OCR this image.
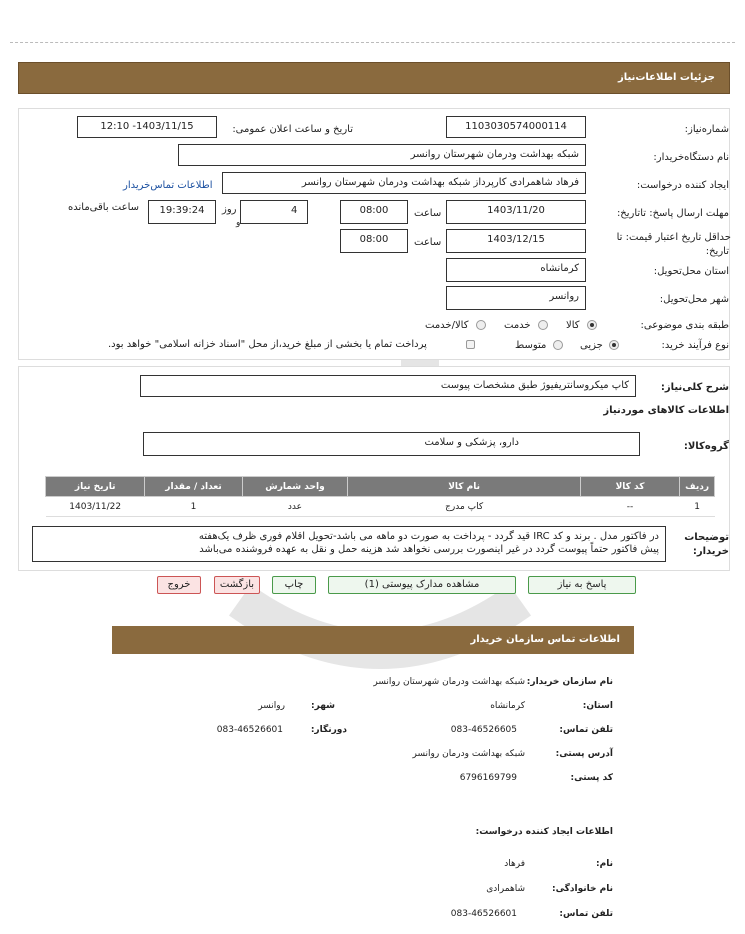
جزئیات اطلاعات‌نیاز
شماره‌نیاز:
1103030574000114
تاریخ و ساعت اعلان عمومی:
1403/11/15- 12:10
نام دستگاه‌خریدار:
شبکه بهداشت ودرمان شهرستان روانسر
ایجاد کننده درخواست:
فرهاد شاهمرادی کارپرداز شبکه بهداشت ودرمان شهرستان روانسر
اطلاعات تماس‌خریدار
مهلت ارسال پاسخ: تاتاریخ:
1403/11/20
ساعت
08:00
4
روز
و
19:39:24
ساعت باقی‌مانده
حداقل تاریخ اعتبار قیمت: تا
تاریخ:
1403/12/15
ساعت
08:00
استان محل‌تحویل:
کرمانشاه
شهر محل‌تحویل:
روانسر
طبقه بندی موضوعی:
کالا
خدمت
کالا/خدمت
نوع فرآیند خرید:
جزیی
متوسط
پرداخت تمام یا بخشی از مبلغ خرید،از محل "اسناد خزانه اسلامی" خواهد بود.
شرح کلی‌نیاز:
کاپ میکروسانتریفیوژ طبق مشخصات پیوست
اطلاعات کالاهای موردنیاز
گروه‌کالا:
دارو، پزشکی و سلامت
ردیف	کد کالا	نام کالا	واحد شمارش	تعداد / مقدار	تاریخ نیاز
1	--	کاپ مدرج	عدد	1	1403/11/22
توضیحات
خریدار:
در فاکتور مدل . برند و کد IRC قید گردد - پرداخت به صورت دو ماهه می باشد-تحویل اقلام فوری ظرف یک‌هفته
پیش فاکتور حتماً پیوست گردد در غیر اینصورت بررسی نخواهد شد هزینه حمل و نقل به عهده فروشنده می‌باشد
پاسخ به نیاز
مشاهده مدارک پیوستی (1)
چاپ
بازگشت
خروج
اطلاعات تماس سازمان خریدار
نام سازمان خریدار:
شبکه بهداشت ودرمان شهرستان روانسر
استان:
کرمانشاه
شهر:
روانسر
تلفن تماس:
083-46526605
دورنگار:
083-46526601
آدرس پستی:
شبکه بهداشت ودرمان روانسر
کد پستی:
6796169799
اطلاعات ایجاد کننده درخواست:
نام:
فرهاد
نام خانوادگی:
شاهمرادی
تلفن تماس:
083-46526601
